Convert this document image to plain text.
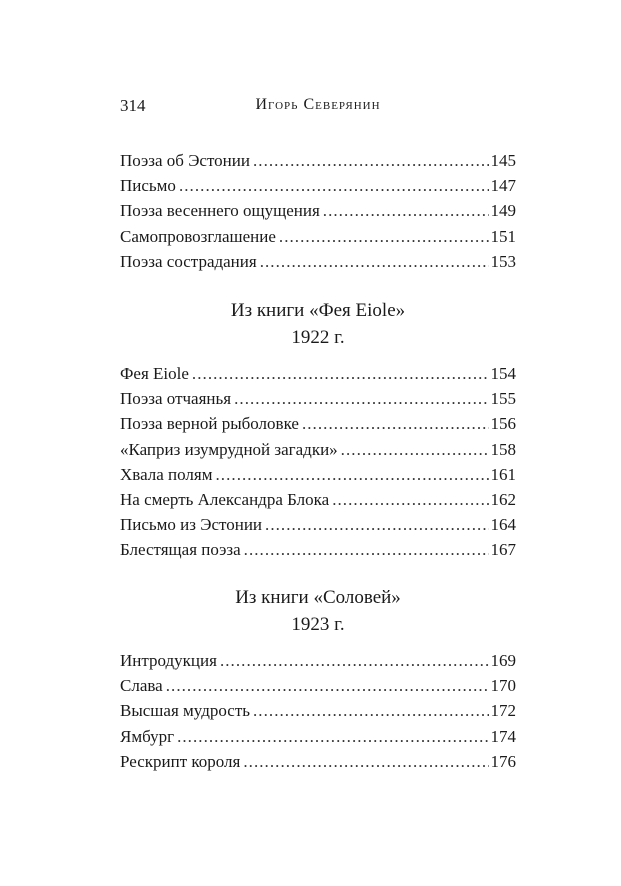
314	Игорь Северянин
Поэза об Эстонии . . .	145
Письмо . . .	147
Поэза весеннего ощущения . . .	149
Самопровозглашение . . .	151
Поэза сострадания . . .	153
Из книги «Фея Eiole»
1922 г.
Фея Eiole . . .	154
Поэза отчаянья . . .	155
Поэза верной рыболовке . . .	156
«Каприз изумрудной загадки» . . .	158
Хвала полям . . .	161
На смерть Александра Блока . . .	162
Письмо из Эстонии . . .	164
Блестящая поэза . . .	167
Из книги «Соловей»
1923 г.
Интродукция . . .	169
Слава . . .	170
Высшая мудрость . . .	172
Ямбург . . .	174
Рескрипт короля . . .	176
